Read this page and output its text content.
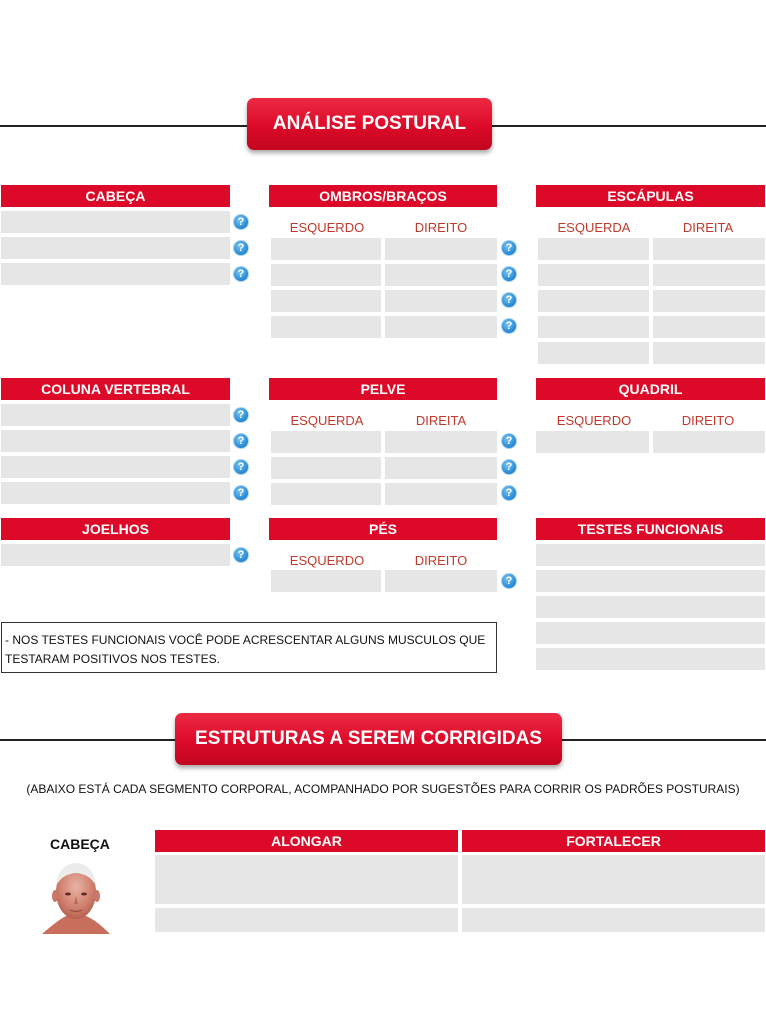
ANÁLISE POSTURAL
CABEÇA
?
?
?
OMBROS/BRAÇOS
ESQUERDO	DIREITO
?
?
?
?
ESCÁPULAS
ESQUERDA	DIREITA
COLUNA VERTEBRAL
?
?
?
?
PELVE
ESQUERDA	DIREITA
?
?
?
QUADRIL
ESQUERDO	DIREITO
JOELHOS
?
PÉS
ESQUERDO	DIREITO
?
TESTES FUNCIONAIS
- NOS TESTES FUNCIONAIS VOCÊ PODE ACRESCENTAR ALGUNS MUSCULOS QUE TESTARAM POSITIVOS NOS TESTES.
ESTRUTURAS A SEREM CORRIGIDAS
(ABAIXO ESTÁ CADA SEGMENTO CORPORAL, ACOMPANHADO POR SUGESTÕES PARA CORRIR OS PADRÕES POSTURAIS)
CABEÇA	ALONGAR	FORTALECER
